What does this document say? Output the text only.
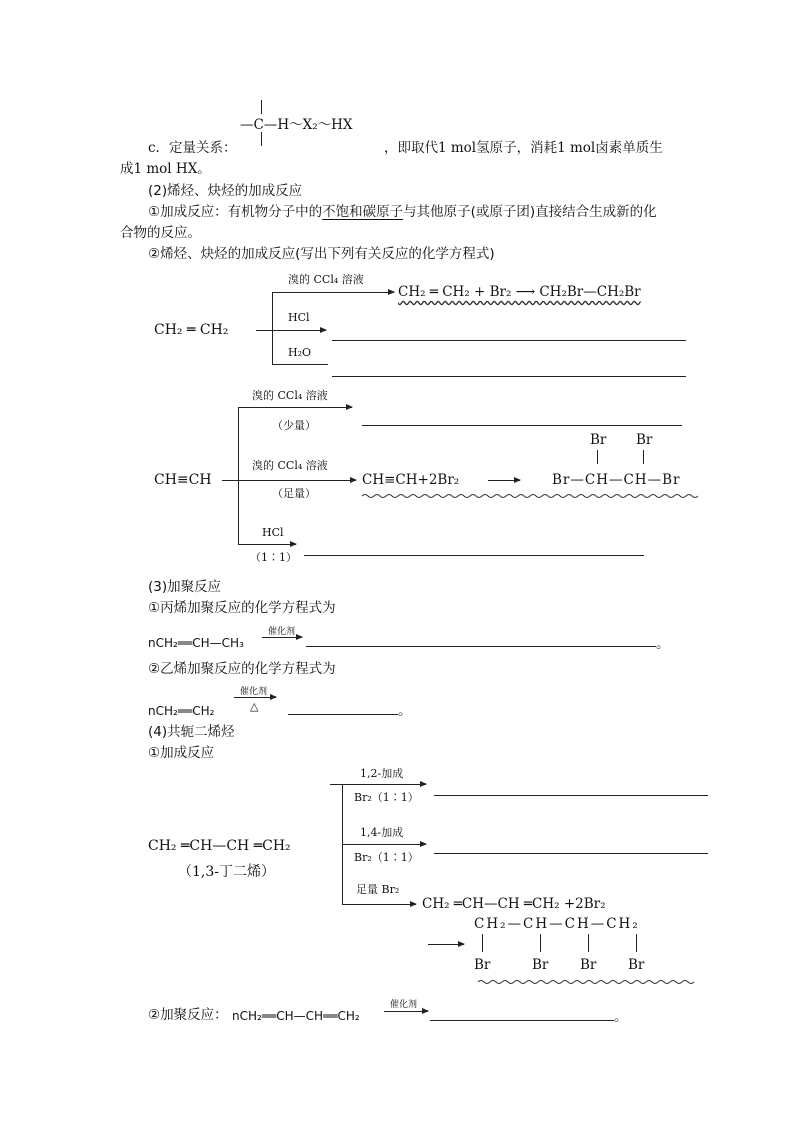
—C—H～X₂～HX
c．定量关系：	，即取代1 mol氢原子，消耗1 mol卤素单质生
成1 mol HX。
(2)烯烃、炔烃的加成反应
①加成反应：有机物分子中的不饱和碳原子与其他原子(或原子团)直接结合生成新的化
合物的反应。
②烯烃、炔烃的加成反应(写出下列有关反应的化学方程式)
CH₂ ═ CH₂
溴的 CCl₄ 溶液
CH₂ ═ CH₂ + Br₂ ⟶ CH₂Br—CH₂Br
HCl
H₂O
CH≡CH
溴的 CCl₄ 溶液
（少量）
溴的 CCl₄ 溶液
（足量）
CH≡CH+2Br₂
Br Br
Br—CH—CH—Br
HCl
（1∶1）
(3)加聚反应
①丙烯加聚反应的化学方程式为
nCH₂══CH—CH₃
催化剂
。
②乙烯加聚反应的化学方程式为
nCH₂══CH₂
催化剂
△	。
(4)共轭二烯烃
①加成反应
CH₂ ═CH—CH ═CH₂
（1,3-丁二烯）
1,2-加成
Br₂（1∶1）
1,4-加成
Br₂（1∶1）
足量 Br₂
CH₂ ═CH—CH ═CH₂ +2Br₂
CH₂—CH—CH—CH₂
Br	Br Br Br
②加聚反应： nCH₂══CH—CH══CH₂
催化剂
。
